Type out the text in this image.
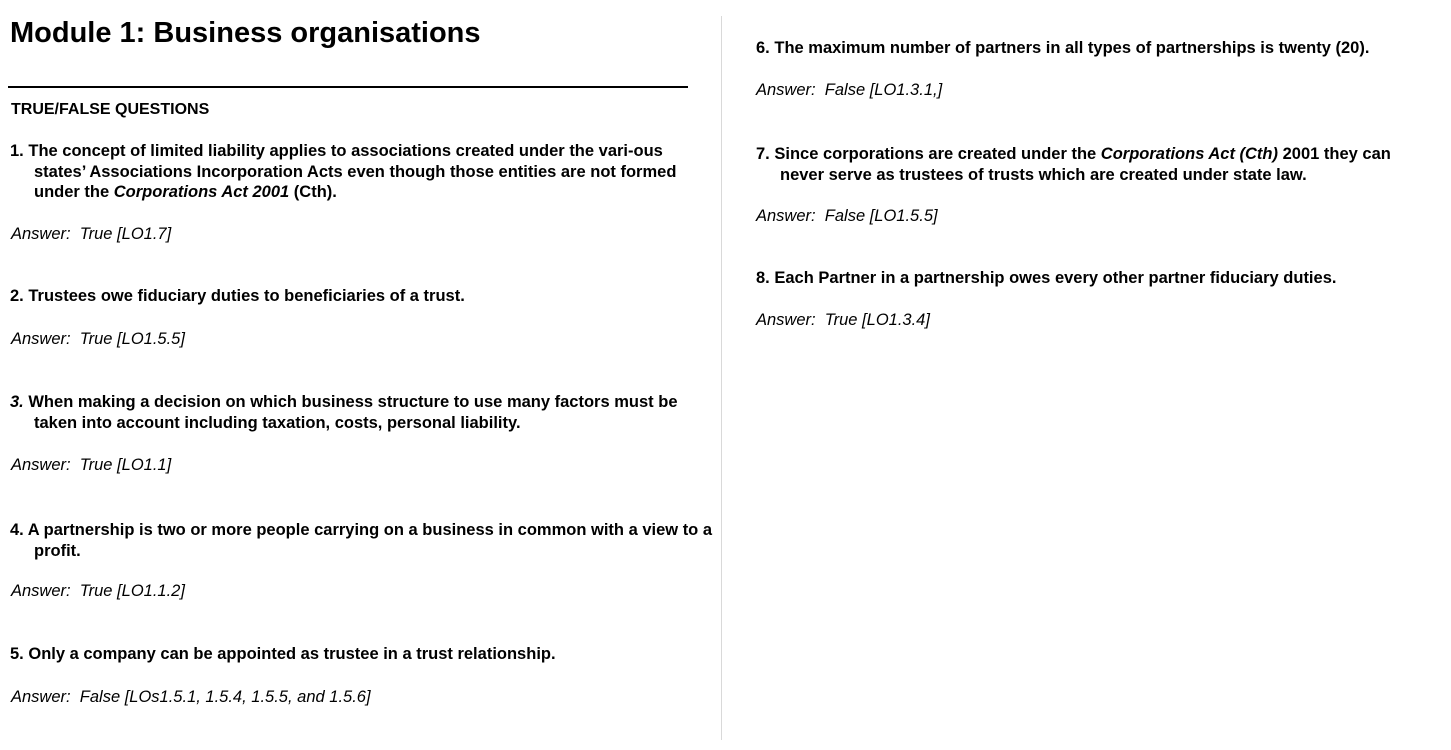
Module 1: Business organisations
TRUE/FALSE QUESTIONS

1. The concept of limited liability applies to associations created under the vari-ous states’ Associations Incorporation Acts even though those entities are not formed under the Corporations Act 2001 (Cth).

Answer:  True [LO1.7]

2. Trustees owe fiduciary duties to beneficiaries of a trust.

Answer:  True [LO1.5.5]

3. When making a decision on which business structure to use many factors must be taken into account including taxation, costs, personal liability.

Answer:  True [LO1.1]

4. A partnership is two or more people carrying on a business in common with a view to a profit.

Answer:  True [LO1.1.2]

5. Only a company can be appointed as trustee in a trust relationship.

Answer:  False [LOs1.5.1, 1.5.4, 1.5.5, and 1.5.6]

6. The maximum number of partners in all types of partnerships is twenty (20).

Answer:  False [LO1.3.1,]

7. Since corporations are created under the Corporations Act (Cth) 2001 they can never serve as trustees of trusts which are created under state law.

Answer:  False [LO1.5.5]

8. Each Partner in a partnership owes every other partner fiduciary duties.

Answer:  True [LO1.3.4]
